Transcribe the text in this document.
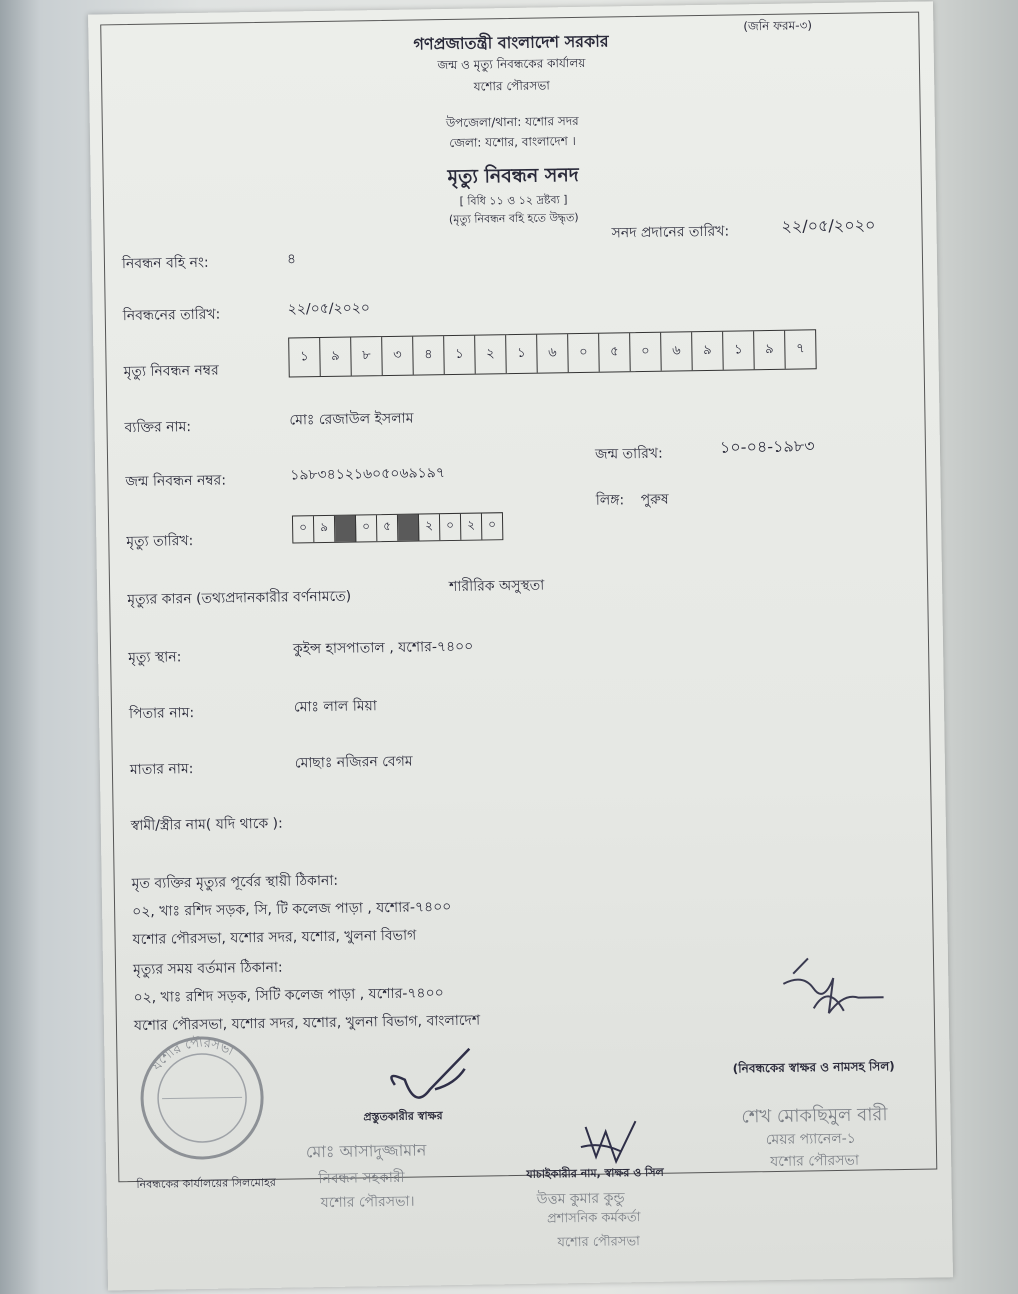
(জনি ফরম-৩)
গণপ্রজাতন্ত্রী বাংলাদেশ সরকার
জন্ম ও মৃত্যু নিবন্ধকের কার্যালয়
যশোর পৌরসভা
উপজেলা/থানা: যশোর সদর
জেলা: যশোর, বাংলাদেশ ।
মৃত্যু নিবন্ধন সনদ
[ বিধি ১১ ও ১২ দ্রষ্টব্য ]
(মৃত্যু নিবন্ধন বহি হতে উদ্ধৃত)
সনদ প্রদানের তারিখ:	২২/০৫/২০২০
নিবন্ধন বহি নং:	৪
নিবন্ধনের তারিখ:	২২/০৫/২০২০
মৃত্যু নিবন্ধন নম্বর
১	৯	৮	৩	৪	১	২	১	৬	০	৫	০	৬	৯	১	৯	৭
ব্যক্তির নাম:	মোঃ রেজাউল ইসলাম
জন্ম নিবন্ধন নম্বর:	১৯৮৩৪১২১৬০৫০৬৯১৯৭
জন্ম তারিখ:	১০-০৪-১৯৮৩
লিঙ্গ: পুরুষ
মৃত্যু তারিখ:
০	৯	০	৫	২	০	২	০
মৃত্যুর কারন (তথ্যপ্রদানকারীর বর্ণনামতে)
শারীরিক অসুস্থতা
মৃত্যু স্থান:
কুইন্স হাসপাতাল , যশোর-৭৪০০
পিতার নাম:	মোঃ লাল মিয়া
মাতার নাম:	মোছাঃ নজিরন বেগম
স্বামী/স্ত্রীর নাম( যদি থাকে ):
মৃত ব্যক্তির মৃত্যুর পূর্বের স্থায়ী ঠিকানা:
০২, খাঃ রশিদ সড়ক, সি, টি কলেজ পাড়া , যশোর-৭৪০০
যশোর পৌরসভা, যশোর সদর, যশোর, খুলনা বিভাগ
মৃত্যুর সময় বর্তমান ঠিকানা:
০২, খাঃ রশিদ সড়ক, সিটি কলেজ পাড়া , যশোর-৭৪০০
যশোর পৌরসভা, যশোর সদর, যশোর, খুলনা বিভাগ, বাংলাদেশ
যশোর পৌরসভা
(নিবন্ধকের স্বাক্ষর ও নামসহ সিল)
শেখ মোকছিমুল বারী
মেয়র প্যানেল-১
যশোর পৌরসভা
প্রস্তুতকারীর স্বাক্ষর
মোঃ আসাদুজ্জামান
নিবন্ধকের কার্যালয়ের সিলমোহর	নিবন্ধন সহকারী
যশোর পৌরসভা।
যাচাইকারীর নাম, স্বাক্ষর ও সিল
উত্তম কুমার কুন্ডু
প্রশাসনিক কর্মকর্তা
যশোর পৌরসভা
